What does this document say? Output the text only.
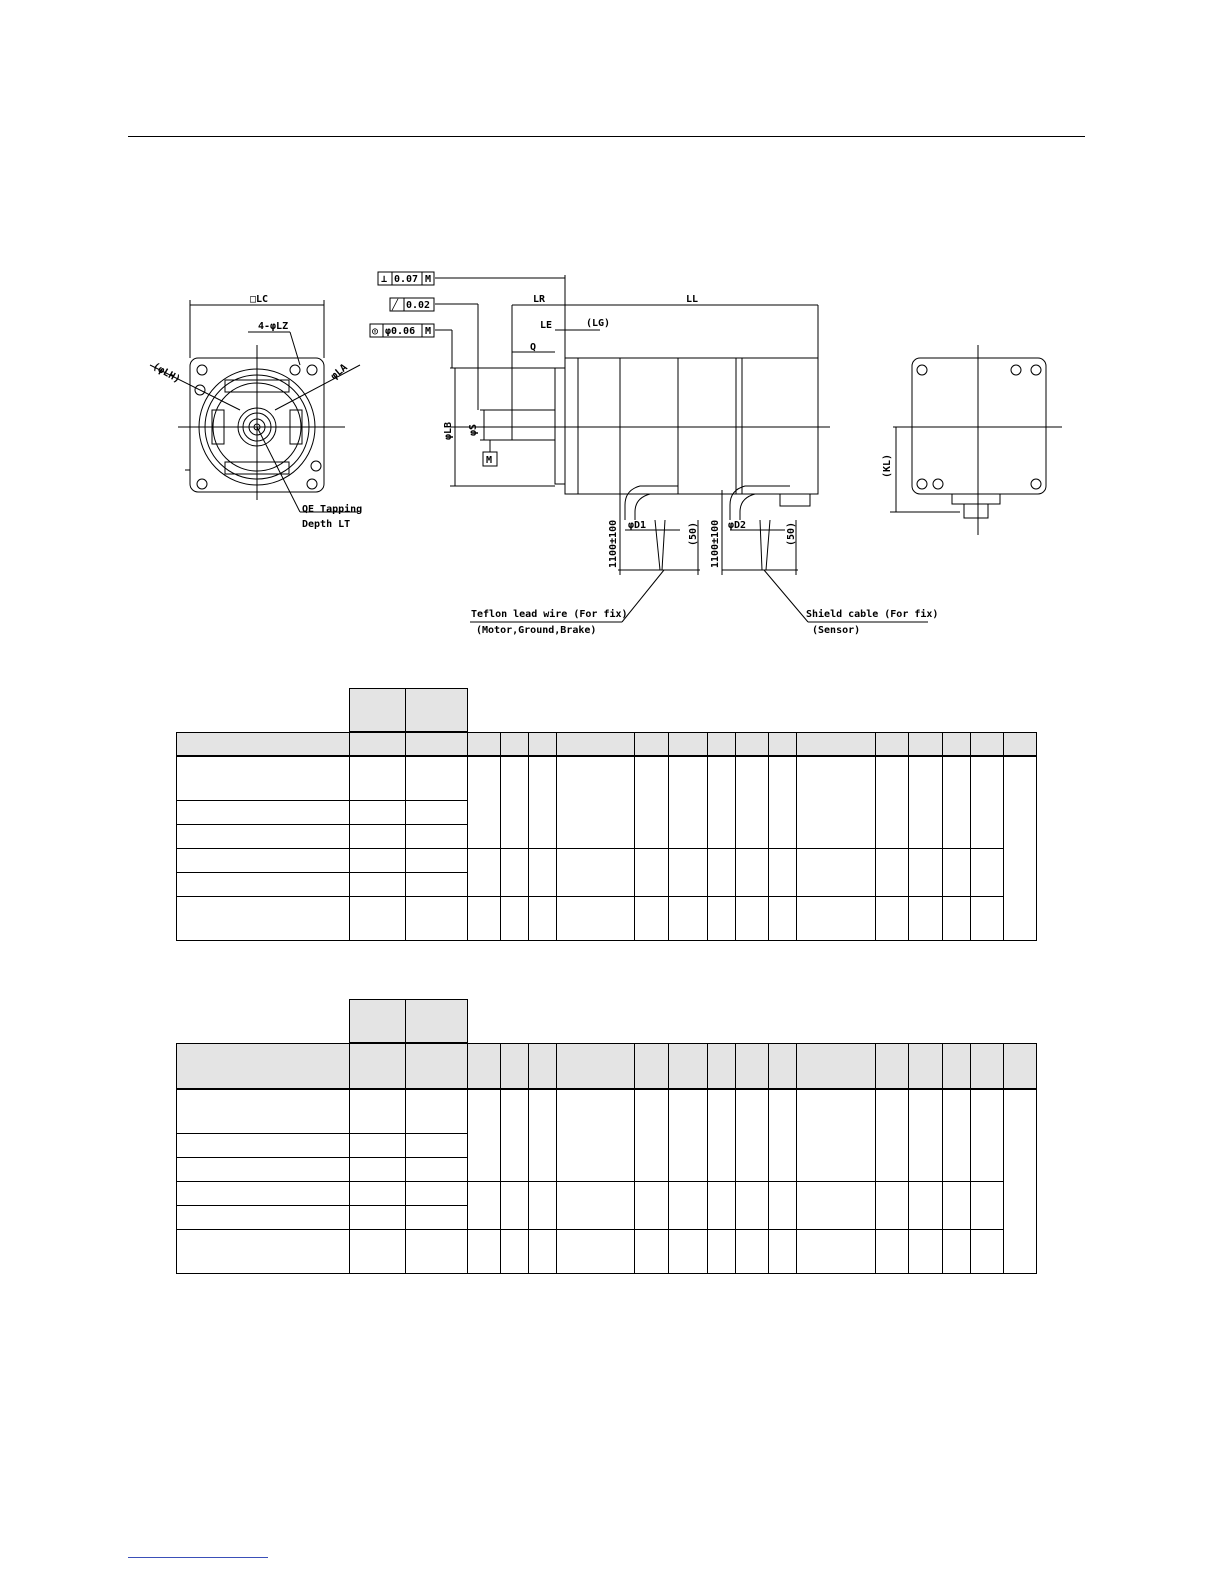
□LC
4-φLZ
(φLH)	φLA
QE Tapping
Depth LT
⊥ 0.07 M
╱ 0.02
◎ φ0.06 M
LR	LL
LE	(LG)
Q
φLB φS
M
φD1	φD2
1100±100	1100±100
(50)	(50)
(KL)
Teflon lead wire (For fix)
(Motor,Ground,Brake)
Shield cable (For fix)
(Sensor)
